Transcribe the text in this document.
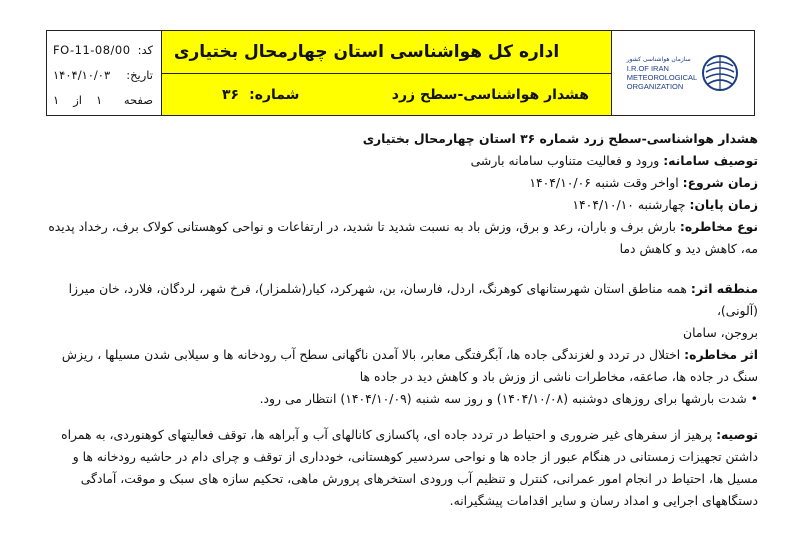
کد:
FO-11-08/00
تاریخ:
۱۴۰۴/۱۰/۰۳
صفحه
۱
از
۱
اداره کل هواشناسی استان چهارمحال بختیاری
هشدار هواشناسی-سطح زرد
شماره:
۳۶
سازمان هواشناسی کشور
I.R.OF IRAN
METEOROLOGICAL
ORGANIZATION

هشدار هواشناسی-سطح زرد شماره ۳۶ استان چهارمحال بختیاری

توصیف سامانه: ورود و فعالیت متناوب سامانه بارشی

زمان شروع: اواخر وقت شنبه ۱۴۰۴/۱۰/۰۶

زمان پایان: چهارشنبه ۱۴۰۴/۱۰/۱۰

نوع مخاطره: بارش برف و باران، رعد و برق، وزش باد به نسبت شدید تا شدید، در ارتفاعات و نواحی کوهستانی کولاک برف، رخداد پدیده

مه، کاهش دید و کاهش دما

منطقه اثر: همه مناطق استان شهرستانهای کوهرنگ، اردل، فارسان، بن، شهرکرد، کیار(شلمزار)، فرخ شهر، لردگان، فلارد، خان میرزا (آلونی)،

بروجن، سامان

اثر مخاطره: اختلال در تردد و لغزندگی جاده ها، آبگرفتگی معابر، بالا آمدن ناگهانی سطح آب رودخانه ها و سیلابی شدن مسیلها ، ریزش

سنگ در جاده ها، صاعقه، مخاطرات ناشی از وزش باد و کاهش دید در جاده ها

• شدت بارشها برای روزهای دوشنبه (۱۴۰۴/۱۰/۰۸) و روز سه شنبه (۱۴۰۴/۱۰/۰۹) انتظار می رود.

توصیه: پرهیز از سفرهای غیر ضروری و احتیاط در تردد جاده ای، پاکسازی کانالهای آب و آبراهه ها، توقف فعالیتهای کوهنوردی، به همراه

داشتن تجهیزات زمستانی در هنگام عبور از جاده ها و نواحی سردسیر کوهستانی، خودداری از توقف و چرای دام در حاشیه رودخانه ها و

مسیل ها، احتیاط در انجام امور عمرانی، کنترل و تنظیم آب ورودی استخرهای پرورش ماهی، تحکیم سازه های سبک و موقت، آمادگی

دستگاههای اجرایی و امداد رسان و سایر اقدامات پیشگیرانه.
